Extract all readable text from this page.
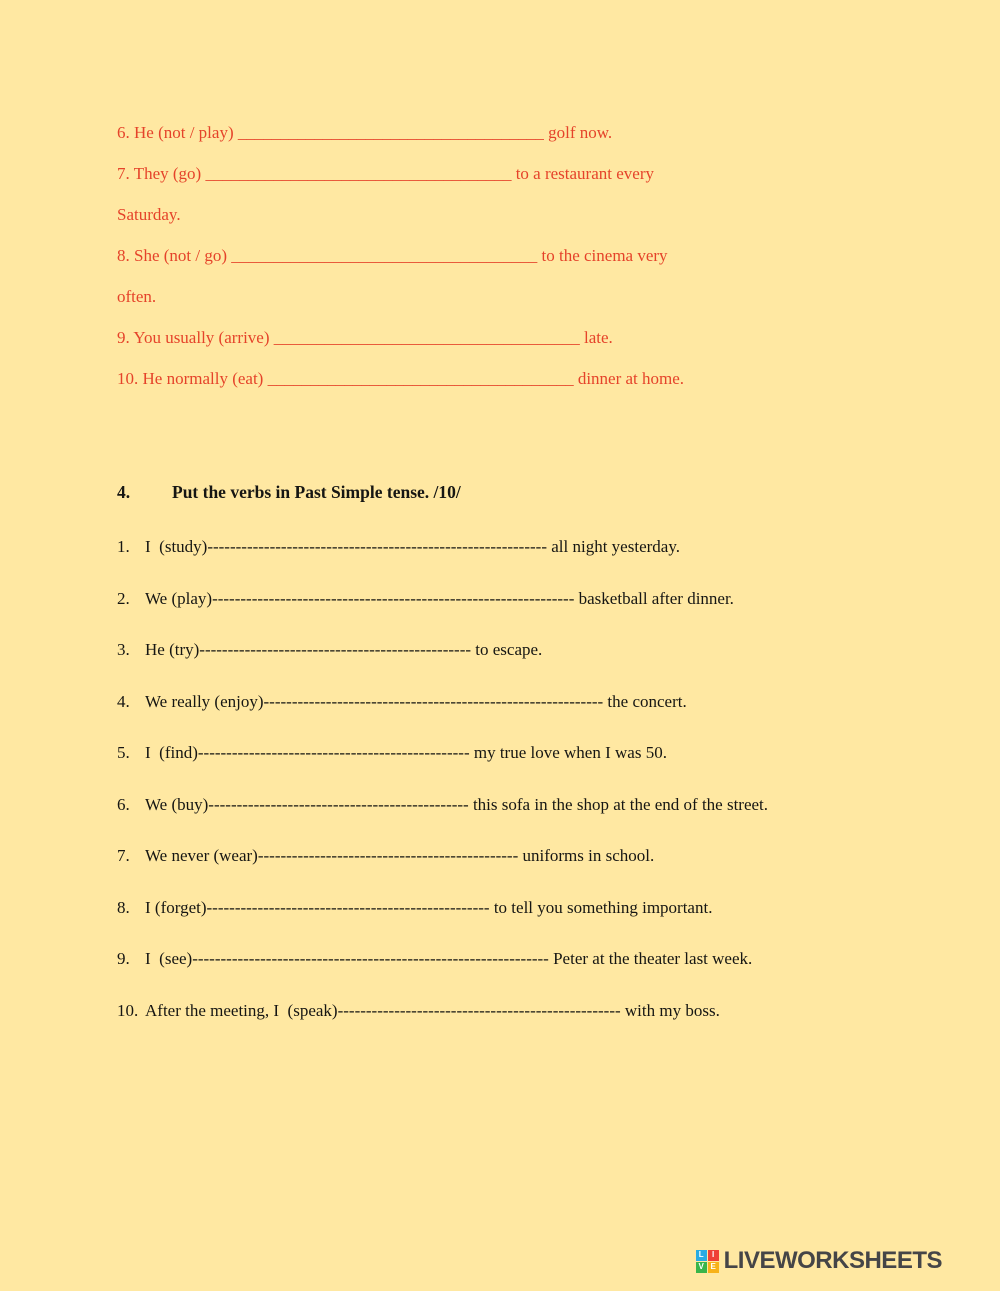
6. He (not / play) ____________________________________ golf now.

7. They (go) ____________________________________ to a restaurant every

Saturday.

8. She (not / go) ____________________________________ to the cinema very

often.

9. You usually (arrive) ____________________________________ late.

10. He normally (eat) ____________________________________ dinner at home.

4. Put the verbs in Past Simple tense. /10/

1. I  (study)------------------------------------------------------------ all night yesterday.
2. We (play)---------------------------------------------------------------- basketball after dinner.
3. He (try)------------------------------------------------ to escape.
4. We really (enjoy)------------------------------------------------------------ the concert.
5. I  (find)------------------------------------------------ my true love when I was 50.
6. We (buy)---------------------------------------------- this sofa in the shop at the end of the street.
7. We never (wear)---------------------------------------------- uniforms in school.
8. I (forget)-------------------------------------------------- to tell you something important.
9. I  (see)--------------------------------------------------------------- Peter at the theater last week.
10. After the meeting, I  (speak)-------------------------------------------------- with my boss.
L	I
V E LIVEWORKSHEETS
